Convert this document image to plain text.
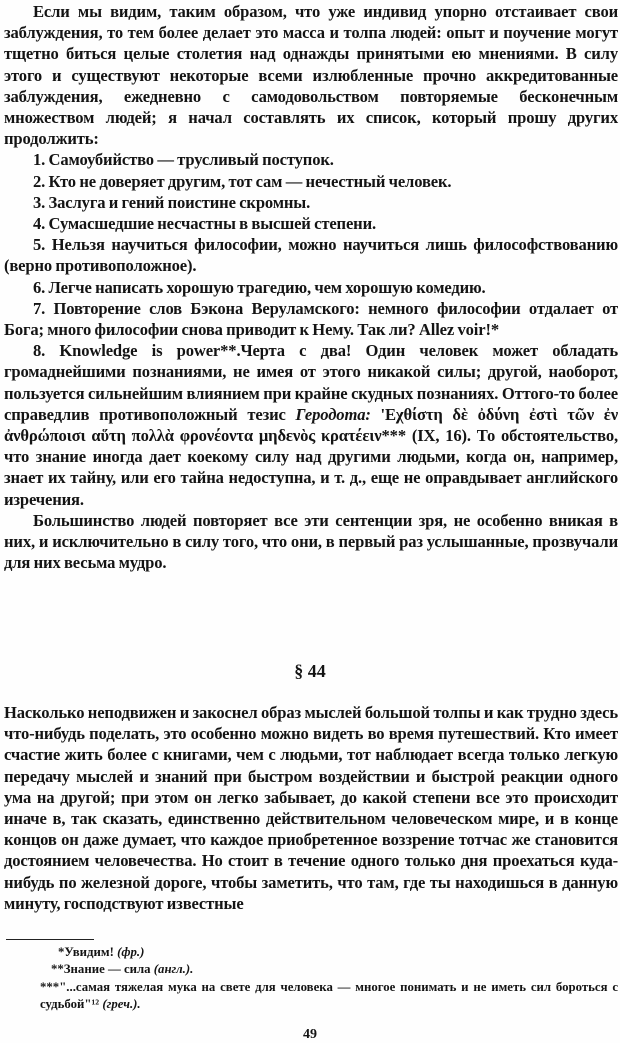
Если мы видим, таким образом, что уже индивид упорно отстаивает свои заблуждения, то тем более делает это масса и толпа людей: опыт и поучение могут тщетно биться целые столетия над однажды принятыми ею мнениями. В силу этого и существуют некоторые всеми излюбленные прочно аккредитованные заблуждения, ежедневно с самодовольством повторяемые бесконечным множеством людей; я начал составлять их список, который прошу других продолжить:

1. Самоубийство — трусливый поступок.

2. Кто не доверяет другим, тот сам — нечестный человек.

3. Заслуга и гений поистине скромны.

4. Сумасшедшие несчастны в высшей степени.

5. Нельзя научиться философии, можно научиться лишь философствованию (верно противоположное).

6. Легче написать хорошую трагедию, чем хорошую комедию.

7. Повторение слов Бэкона Веруламского: немного философии отдалает от Бога; много философии снова приводит к Нему. Так ли? Allez voir!*

8. Knowledge is power**.Черта с два! Один человек может обладать громаднейшими познаниями, не имея от этого никакой силы; другой, наоборот, пользуется сильнейшим влиянием при крайне скудных познаниях. Оттого-то более справедлив противоположный тезис Геродота: 'Εχθίστη δὲ ὀδύνη ἐστὶ τῶν ἐν ἀνθρώποισι αὕτη πολλὰ φρονέοντα μηδενὸς κρατέειν*** (IX, 16). То обстоятельство, что знание иногда дает коекому силу над другими людьми, когда он, например, знает их тайну, или его тайна недоступна, и т. д., еще не оправдывает английского изречения.

Большинство людей повторяет все эти сентенции зря, не особенно вникая в них, и исключительно в силу того, что они, в первый раз услышанные, прозвучали для них весьма мудро.

§ 44

Насколько неподвижен и закоснел образ мыслей большой толпы и как трудно здесь что-нибудь поделать, это особенно можно видеть во время путешествий. Кто имеет счастие жить более с книгами, чем с людьми, тот наблюдает всегда только легкую передачу мыслей и знаний при быстром воздействии и быстрой реакции одного ума на другой; при этом он легко забывает, до какой степени все это происходит иначе в, так сказать, единственно действительном человеческом мире, и в конце концов он даже думает, что каждое приобретенное воззрение тотчас же становится достоянием человечества. Но стоит в течение одного только дня проехаться куда-нибудь по железной дороге, чтобы заметить, что там, где ты находишься в данную минуту, господствуют известные

*Увидим! (фр.)

**Знание — сила (англ.).

***"...самая тяжелая мука на свете для человека — многое понимать и не иметь сил бороться с судьбой"¹² (греч.).

49
